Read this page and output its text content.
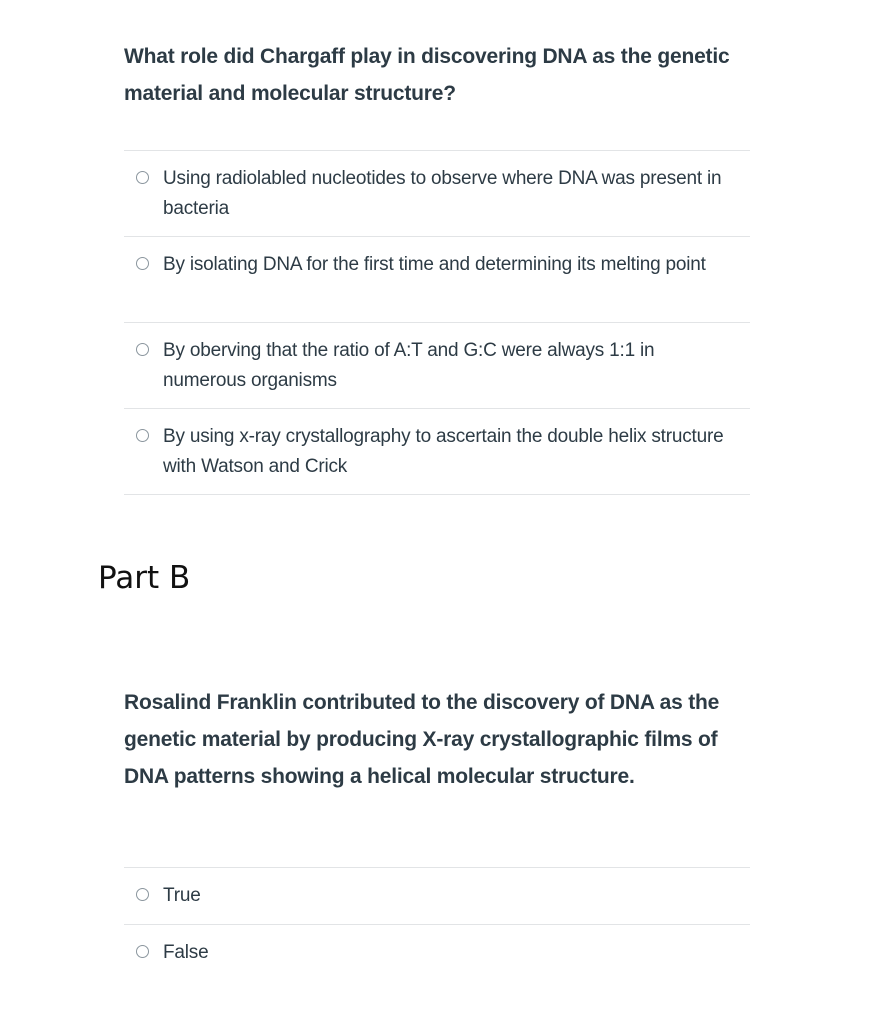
What role did Chargaff play in discovering DNA as the genetic material and molecular structure?

Using radiolabled nucleotides to observe where DNA was present in bacteria
By isolating DNA for the first time and determining its melting point
By oberving that the ratio of A:T and G:C were always 1:1 in numerous organisms
By using x-ray crystallography to ascertain the double helix structure with Watson and Crick
Part B

Rosalind Franklin contributed to the discovery of DNA as the genetic material by producing X-ray crystallographic films of DNA patterns showing a helical molecular structure.

True
False
